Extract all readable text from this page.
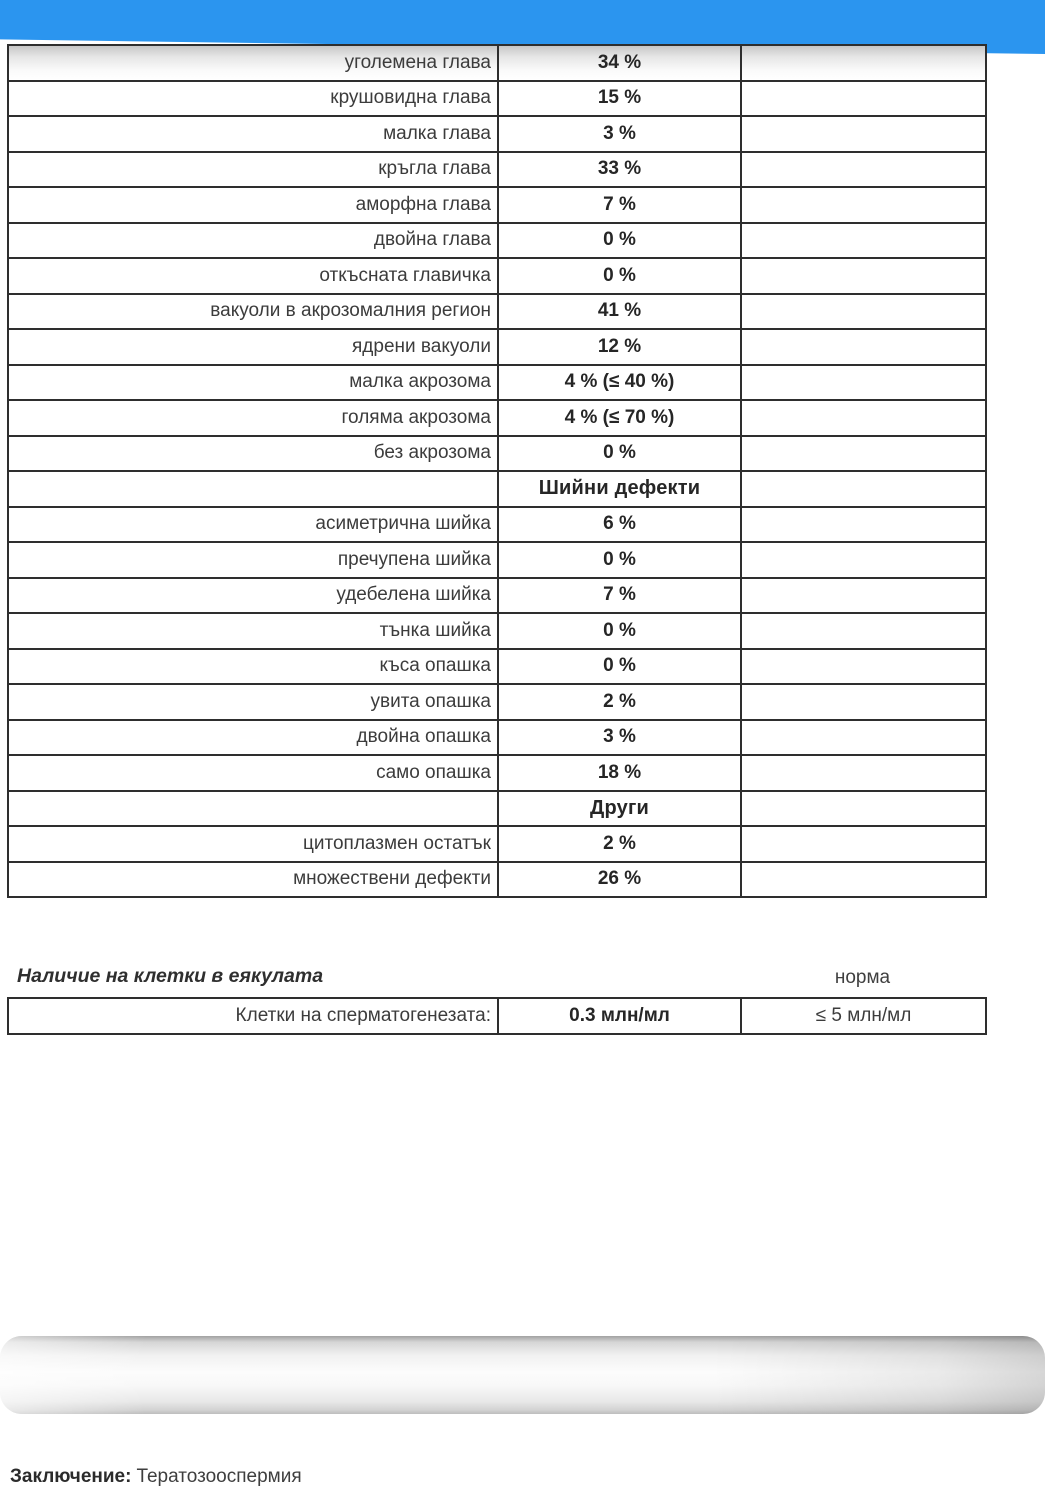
уголемена глава	34 %	
крушовидна глава	15 %	
малка глава	3 %	
кръгла глава	33 %	
аморфна глава	7 %	
двойна глава	0 %	
откъсната главичка	0 %	
вакуоли в акрозомалния регион	41 %	
ядрени вакуоли	12 %	
малка акрозома	4 % (≤ 40 %)	
голяма акрозома	4 % (≤ 70 %)	
без акрозома	0 %	
	Шийни дефекти	
асиметрична шийка	6 %	
пречупена шийка	0 %	
удебелена шийка	7 %	
тънка шийка	0 %	
къса опашка	0 %	
увита опашка	2 %	
двойна опашка	3 %	
само опашка	18 %	
	Други	
цитоплазмен остатък	2 %	
множествени дефекти	26 %	
Наличие на клетки в еякулата	норма
Клетки на сперматогенезата:	0.3 млн/мл	≤ 5 млн/мл
Заключение: Тератозооспермия
